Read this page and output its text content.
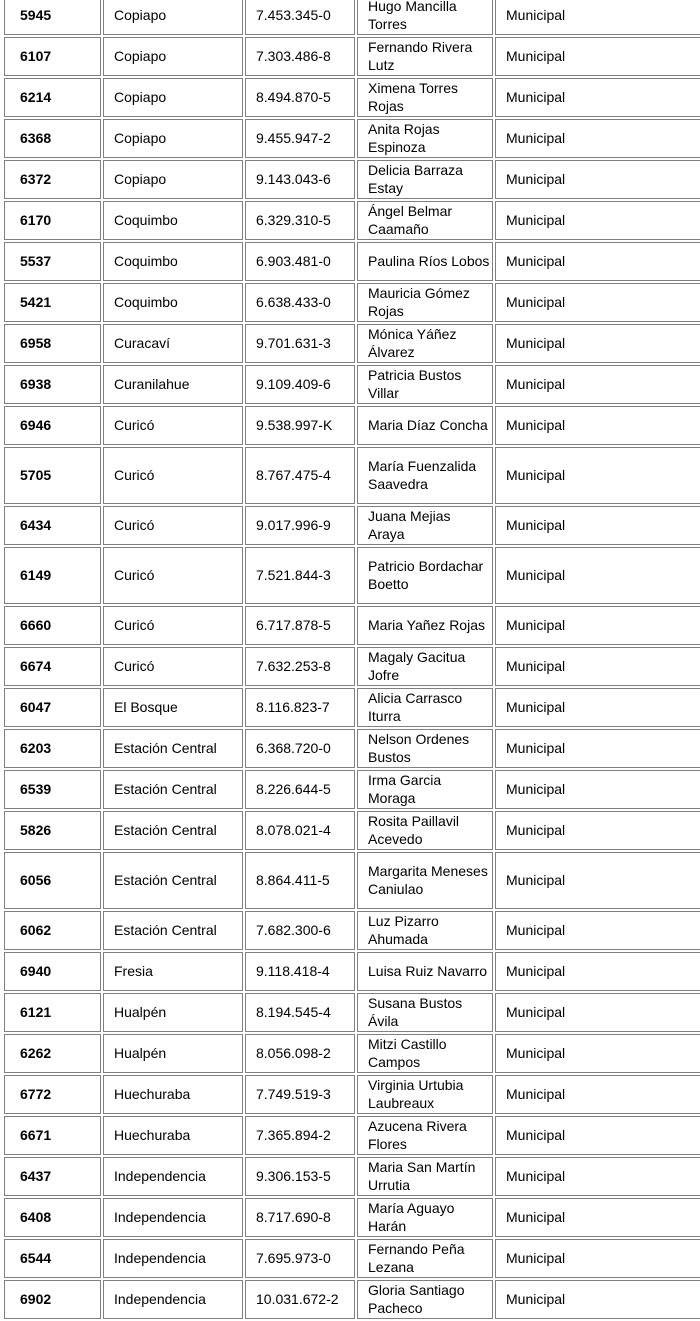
5945	Copiapo	7.453.345-0	Hugo Mancilla Torres	Municipal
6107	Copiapo	7.303.486-8	Fernando Rivera Lutz	Municipal
6214	Copiapo	8.494.870-5	Ximena Torres Rojas	Municipal
6368	Copiapo	9.455.947-2	Anita Rojas Espinoza	Municipal
6372	Copiapo	9.143.043-6	Delicia Barraza Estay	Municipal
6170	Coquimbo	6.329.310-5	Ángel Belmar Caamaño	Municipal
5537	Coquimbo	6.903.481-0	Paulina Ríos Lobos	Municipal
5421	Coquimbo	6.638.433-0	Mauricia Gómez Rojas	Municipal
6958	Curacaví	9.701.631-3	Mónica Yáñez Álvarez	Municipal
6938	Curanilahue	9.109.409-6	Patricia Bustos Villar	Municipal
6946	Curicó	9.538.997-K	Maria Díaz Concha	Municipal
5705	Curicó	8.767.475-4	María Fuenzalida Saavedra	Municipal
6434	Curicó	9.017.996-9	Juana Mejias Araya	Municipal
6149	Curicó	7.521.844-3	Patricio Bordachar Boetto	Municipal
6660	Curicó	6.717.878-5	Maria Yañez Rojas	Municipal
6674	Curicó	7.632.253-8	Magaly Gacitua Jofre	Municipal
6047	El Bosque	8.116.823-7	Alicia Carrasco Iturra	Municipal
6203	Estación Central	6.368.720-0	Nelson Ordenes Bustos	Municipal
6539	Estación Central	8.226.644-5	Irma Garcia Moraga	Municipal
5826	Estación Central	8.078.021-4	Rosita Paillavil Acevedo	Municipal
6056	Estación Central	8.864.411-5	Margarita Meneses Caniulao	Municipal
6062	Estación Central	7.682.300-6	Luz Pizarro Ahumada	Municipal
6940	Fresia	9.118.418-4	Luisa Ruiz Navarro	Municipal
6121	Hualpén	8.194.545-4	Susana Bustos Ávila	Municipal
6262	Hualpén	8.056.098-2	Mitzi Castillo Campos	Municipal
6772	Huechuraba	7.749.519-3	Virginia Urtubia Laubreaux	Municipal
6671	Huechuraba	7.365.894-2	Azucena Rivera Flores	Municipal
6437	Independencia	9.306.153-5	Maria San Martín Urrutia	Municipal
6408	Independencia	8.717.690-8	María Aguayo Harán	Municipal
6544	Independencia	7.695.973-0	Fernando Peña Lezana	Municipal
6902	Independencia	10.031.672-2	Gloria Santiago Pacheco	Municipal
